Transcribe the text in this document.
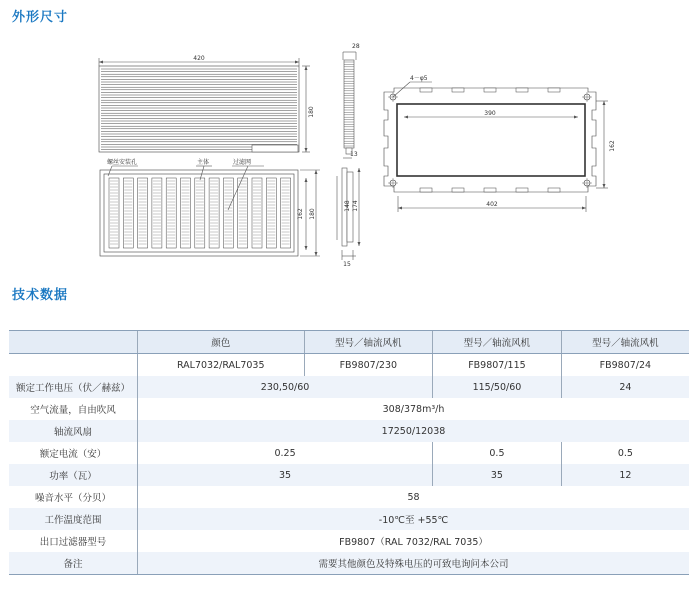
外形尺寸
技术数据
420
180
28
13
4－φ5
390
402
162
螺丝安装孔	主体	过滤网
162 180
148 174
15
	颜色	型号／轴流风机	型号／轴流风机	型号／轴流风机
	RAL7032/RAL7035	FB9807/230	FB9807/115	FB9807/24
额定工作电压（伏／赫兹）	230,50/60		115/50/60	24
空气流量，自由吹风	308/378m³/h			
轴流风扇	17250/12038			
额定电流（安）	0.25		0.5	0.5
功率（瓦）	35		35	12
噪音水平（分贝）	58			
工作温度范围	-10℃至 +55℃			
出口过滤器型号	FB9807（RAL 7032/RAL 7035）			
备注	需要其他颜色及特殊电压的可致电询问本公司			
